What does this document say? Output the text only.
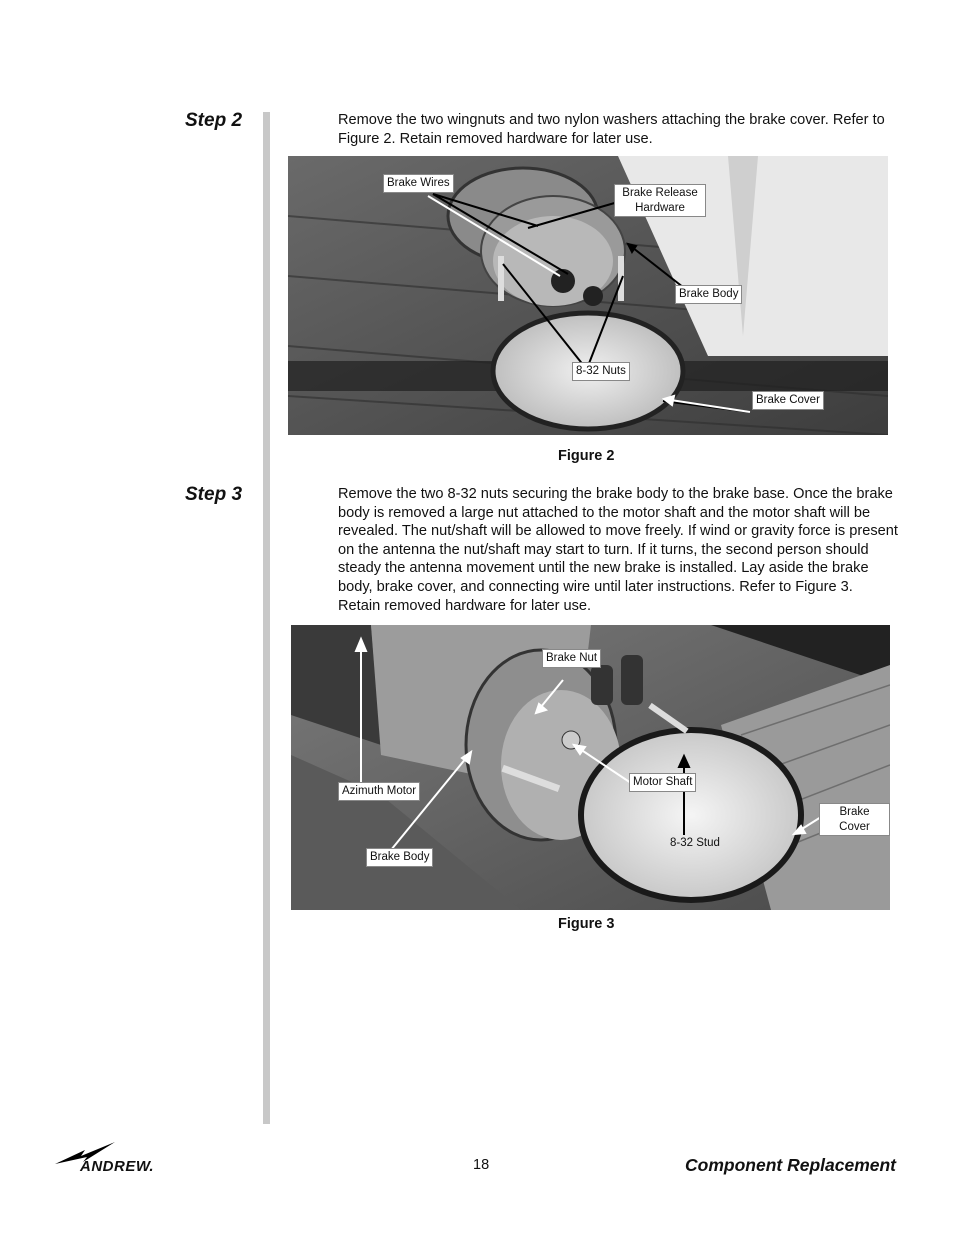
Step 2	Remove the two wingnuts and two nylon washers attaching the brake cover. Refer to Figure 2. Retain removed hardware for later use.
Brake Wires
Brake Release Hardware
Brake Body
8-32 Nuts
Brake Cover
Figure 2
Step 3	Remove the two 8-32 nuts securing the brake body to the brake base. Once the brake body is removed a large nut attached to the motor shaft and the motor shaft will be revealed. The nut/shaft will be allowed to move freely. If wind or gravity force is present on the antenna the nut/shaft may start to turn. If it turns, the second person should steady the antenna movement until the new brake is installed. Lay aside the brake body, brake cover, and connecting wire until later instructions. Refer to Figure 3. Retain removed hardware for later use.
Brake Nut
Azimuth Motor
Motor Shaft
Brake Cover
8-32 Stud
Brake Body
Figure 3
ANDREW.	18	Component Replacement
